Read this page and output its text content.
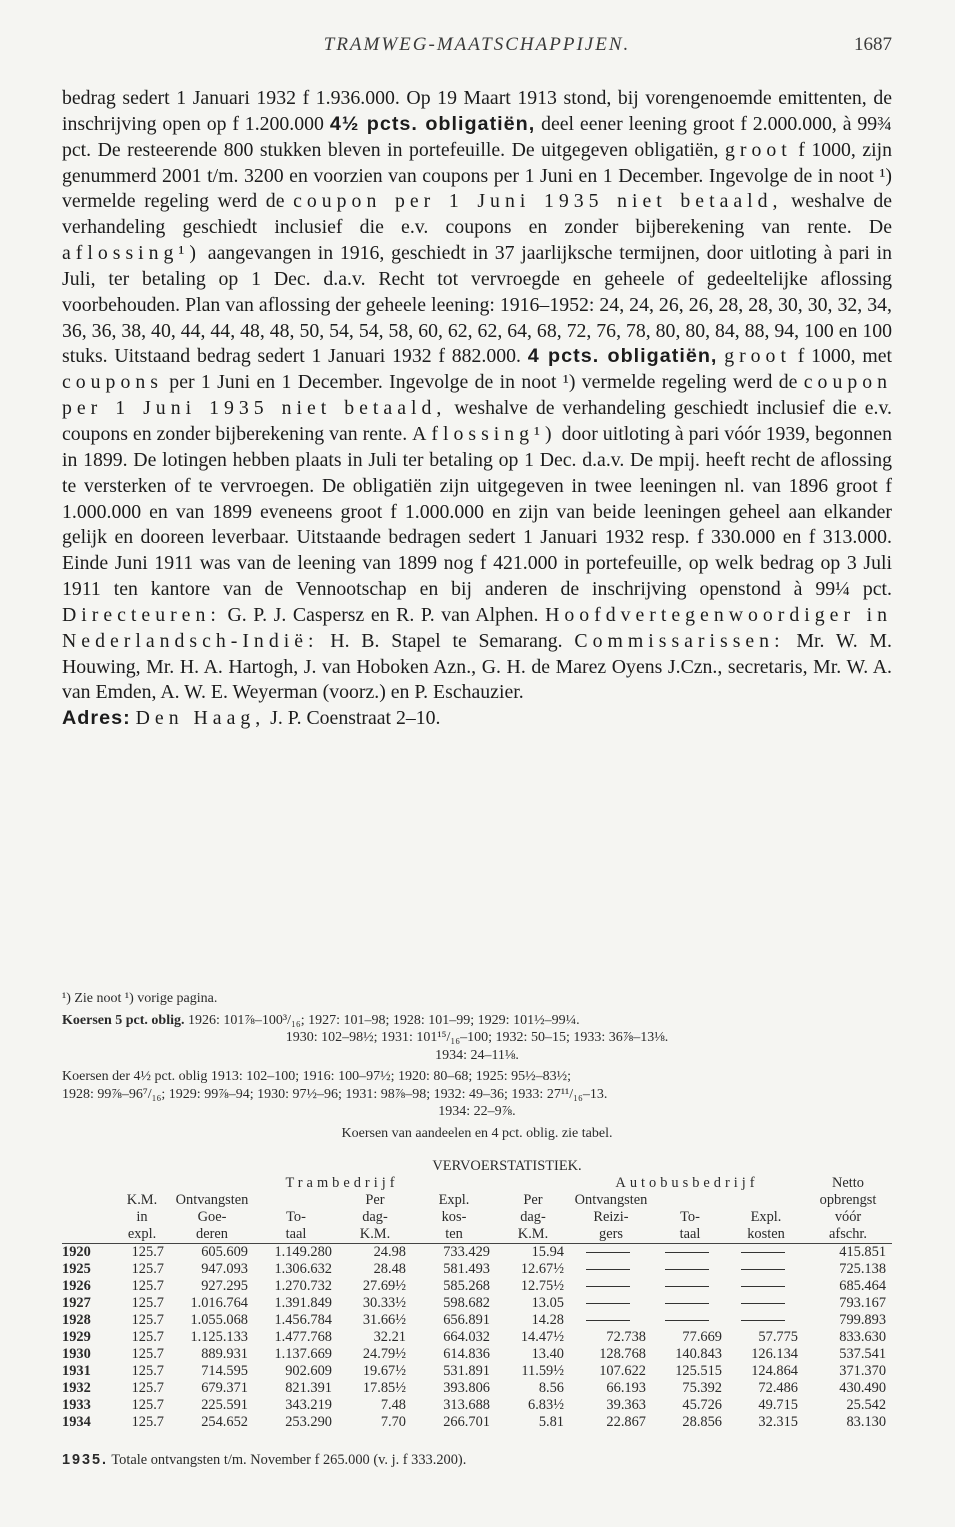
TRAMWEG-MAATSCHAPPIJEN.	1687

bedrag sedert 1 Januari 1932 f 1.936.000. Op 19 Maart 1913 stond, bij vorengenoemde emittenten, de inschrijving open op f 1.200.000 4½ pcts. obligatiën, deel eener leening groot f 2.000.000, à 99¾ pct. De resteerende 800 stukken bleven in portefeuille. De uitgegeven obligatiën, groot f 1000, zijn genummerd 2001 t/m. 3200 en voorzien van coupons per 1 Juni en 1 December. Ingevolge de in noot ¹) vermelde regeling werd de coupon per 1 Juni 1935 niet betaald, weshalve de verhandeling geschiedt inclusief die e.v. coupons en zonder bijberekening van rente. De aflossing¹) aangevangen in 1916, geschiedt in 37 jaarlijksche termijnen, door uitloting à pari in Juli, ter betaling op 1 Dec. d.a.v. Recht tot vervroegde en geheele of gedeeltelijke aflossing voorbehouden. Plan van aflossing der geheele leening: 1916–1952: 24, 24, 26, 26, 28, 28, 30, 30, 32, 34, 36, 36, 38, 40, 44, 44, 48, 48, 50, 54, 54, 58, 60, 62, 62, 64, 68, 72, 76, 78, 80, 80, 84, 88, 94, 100 en 100 stuks. Uitstaand bedrag sedert 1 Januari 1932 f 882.000. 4 pcts. obligatiën, groot f 1000, met coupons per 1 Juni en 1 December. Ingevolge de in noot ¹) vermelde regeling werd de coupon per 1 Juni 1935 niet betaald, weshalve de verhandeling geschiedt inclusief die e.v. coupons en zonder bijberekening van rente. Aflossing¹) door uitloting à pari vóór 1939, begonnen in 1899. De lotingen hebben plaats in Juli ter betaling op 1 Dec. d.a.v. De mpij. heeft recht de aflossing te versterken of te vervroegen. De obligatiën zijn uitgegeven in twee leeningen nl. van 1896 groot f 1.000.000 en van 1899 eveneens groot f 1.000.000 en zijn van beide leeningen geheel aan elkander gelijk en dooreen leverbaar. Uitstaande bedragen sedert 1 Januari 1932 resp. f 330.000 en f 313.000. Einde Juni 1911 was van de leening van 1899 nog f 421.000 in portefeuille, op welk bedrag op 3 Juli 1911 ten kantore van de Vennootschap en bij anderen de inschrijving openstond à 99¼ pct. Directeuren: G. P. J. Caspersz en R. P. van Alphen. Hoofdvertegenwoordiger in Nederlandsch-Indië: H. B. Stapel te Semarang. Commissarissen: Mr. W. M. Houwing, Mr. H. A. Hartogh, J. van Hoboken Azn., G. H. de Marez Oyens J.Czn., secretaris, Mr. W. A. van Emden, A. W. E. Weyerman (voorz.) en P. Eschauzier.

Adres: Den Haag, J. P. Coenstraat 2–10.

¹) Zie noot ¹) vorige pagina.

Koersen 5 pct. oblig. 1926: 101⅞–100³/₁₆; 1927: 101–98; 1928: 101–99; 1929: 101½–99¼.

1930: 102–98½; 1931: 101¹⁵/₁₆–100; 1932: 50–15; 1933: 36⅞–13⅛.

1934: 24–11⅛.

Koersen der 4½ pct. oblig 1913: 102–100; 1916: 100–97½; 1920: 80–68; 1925: 95½–83½;

1928: 99⅞–96⁷/₁₆; 1929: 99⅞–94; 1930: 97½–96; 1931: 98⅞–98; 1932: 49–36; 1933: 27¹¹/₁₆–13.

1934: 22–9⅞.

Koersen van aandeelen en 4 pct. oblig. zie tabel.

VERVOERSTATISTIEK.										
	Trambedrijf						Autobusbedrijf			Netto
	K.M.	Ontvangsten		Per	Expl.	Per	Ontvangsten			opbrengst
	in	Goe-	To-	dag-	kos-	dag-	Reizi-	To-	Expl.	vóór
	expl.	deren	taal	K.M.	ten	K.M.	gers	taal	kosten	afschr.
1920	125.7	605.609	1.149.280	24.98	733.429	15.94				415.851
1925	125.7	947.093	1.306.632	28.48	581.493	12.67½				725.138
1926	125.7	927.295	1.270.732	27.69½	585.268	12.75½				685.464
1927	125.7	1.016.764	1.391.849	30.33½	598.682	13.05				793.167
1928	125.7	1.055.068	1.456.784	31.66½	656.891	14.28				799.893
1929	125.7	1.125.133	1.477.768	32.21	664.032	14.47½	72.738	77.669	57.775	833.630
1930	125.7	889.931	1.137.669	24.79½	614.836	13.40	128.768	140.843	126.134	537.541
1931	125.7	714.595	902.609	19.67½	531.891	11.59½	107.622	125.515	124.864	371.370
1932	125.7	679.371	821.391	17.85½	393.806	8.56	66.193	75.392	72.486	430.490
1933	125.7	225.591	343.219	7.48	313.688	6.83½	39.363	45.726	49.715	25.542
1934	125.7	254.652	253.290	7.70	266.701	5.81	22.867	28.856	32.315	83.130
1935. Totale ontvangsten t/m. November f 265.000 (v. j. f 333.200).
